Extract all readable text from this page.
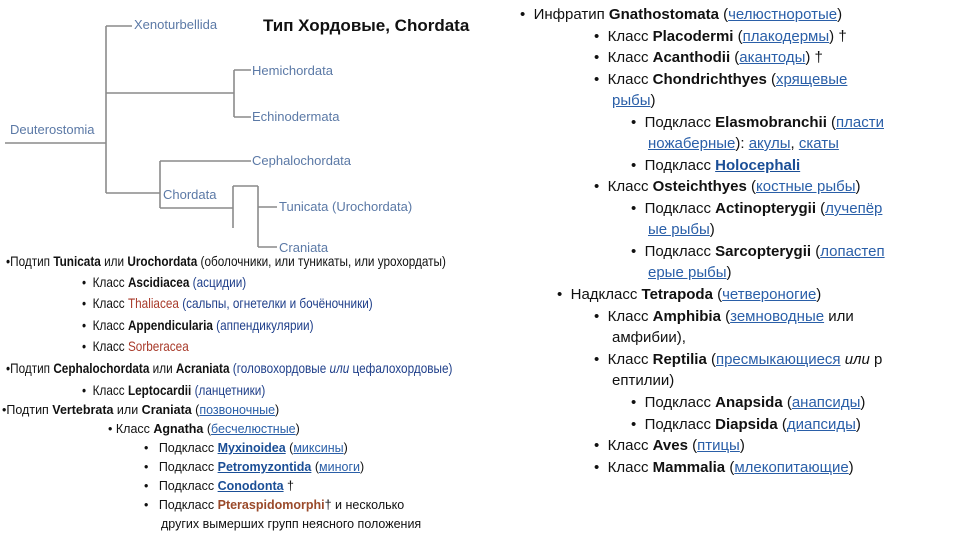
Xenoturbellida
Hemichordata
Echinodermata
Deuterostomia
Cephalochordata
Chordata
Tunicata (Urochordata)
Craniata
Тип Хордовые, Chordata
•Подтип Tunicata или Urochordata (оболочники, или туникаты, или урохордаты)
• Класс Ascidiacea (асцидии)
• Класс Thaliacea (сальпы, огнетелки и бочёночники)
• Класс Appendicularia (аппендикулярии)
• Класс Sorberacea
•Подтип Cephalochordata или Acraniata (головохордовые или цефалохордовые)
• Класс Leptocardii (ланцетники)
•Подтип Vertebrata или Craniata (позвоночные)
• Класс Agnatha (бесчелюстные)
• Подкласс Myxinoidea (миксины)
• Подкласс Petromyzontida (миноги)
• Подкласс Conodonta †
• Подкласс Pteraspidomorphi† и несколько
других вымерших групп неясного положения
• Инфратип Gnathostomata (челюстноротые)
• Класс Placodermi (плакодермы) †
• Класс Acanthodii (акантоды) †
• Класс Chondrichthyes (хрящевые
рыбы)
• Подкласс Elasmobranchii (пласти
ножаберные): акулы, скаты
• Подкласс Holocephali
• Класс Osteichthyes (костные рыбы)
• Подкласс Actinopterygii (лучепёр
ые рыбы)
• Подкласс Sarcopterygii (лопастеп
ерые рыбы)
• Надкласс Tetrapoda (четвероногие)
• Класс Amphibia (земноводные или
амфибии),
• Класс Reptilia (пресмыкающиеся или р
ептилии)
• Подкласс Anapsida (анапсиды)
• Подкласс Diapsida (диапсиды)
• Класс Aves (птицы)
• Класс Mammalia (млекопитающие)
